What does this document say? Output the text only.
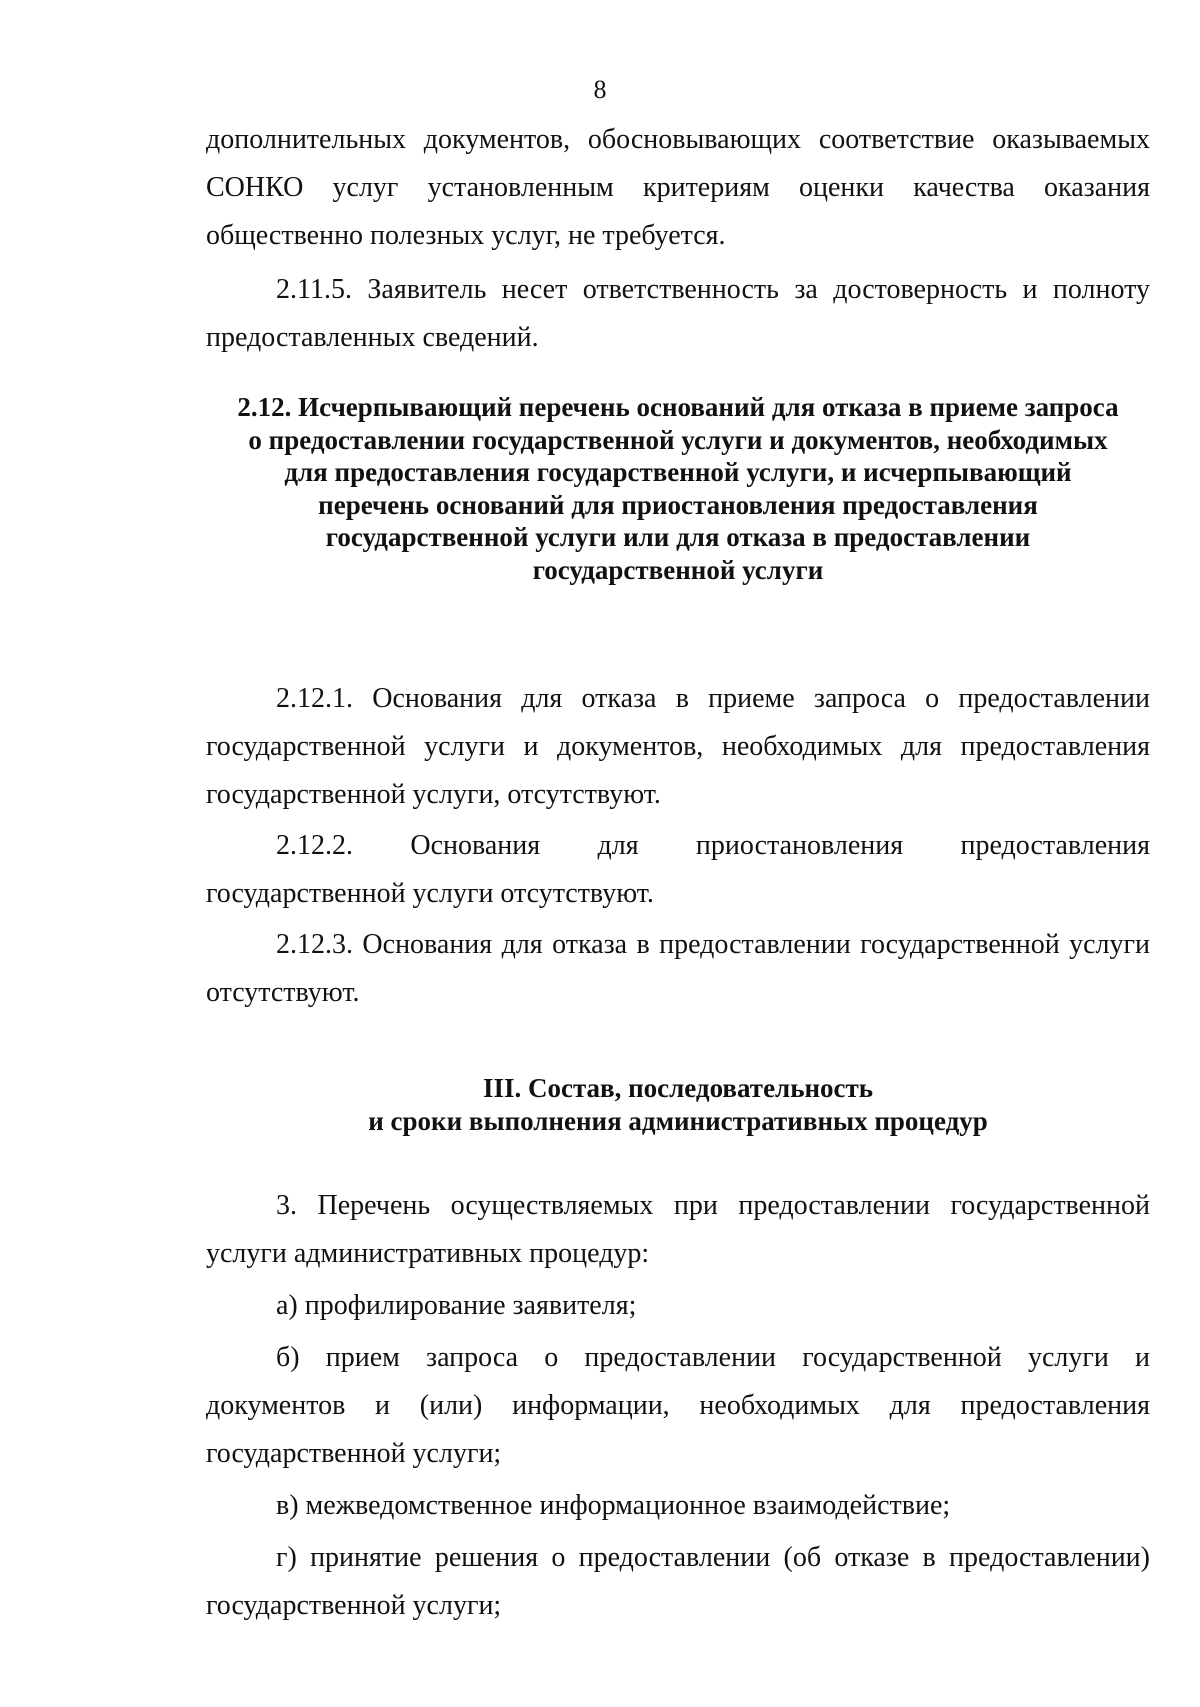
8

дополнительных документов, обосновывающих соответствие оказываемых СОНКО услуг установленным критериям оценки качества оказания общественно полезных услуг, не требуется.

2.11.5. Заявитель несет ответственность за достоверность и полноту предоставленных сведений.

2.12. Исчерпывающий перечень оснований для отказа в приеме запроса
о предоставлении государственной услуги и документов, необходимых
для предоставления государственной услуги, и исчерпывающий
перечень оснований для приостановления предоставления
государственной услуги или для отказа в предоставлении
государственной услуги

2.12.1. Основания для отказа в приеме запроса о предоставлении государственной услуги и документов, необходимых для предоставления государственной услуги, отсутствуют.

2.12.2. Основания для приостановления предоставления государственной услуги отсутствуют.

2.12.3. Основания для отказа в предоставлении государственной услуги отсутствуют.

III. Состав, последовательность
и сроки выполнения административных процедур

3. Перечень осуществляемых при предоставлении государственной услуги административных процедур:

а) профилирование заявителя;

б) прием запроса о предоставлении государственной услуги и документов и (или) информации, необходимых для предоставления государственной услуги;

в) межведомственное информационное взаимодействие;

г) принятие решения о предоставлении (об отказе в предоставлении) государственной услуги;
